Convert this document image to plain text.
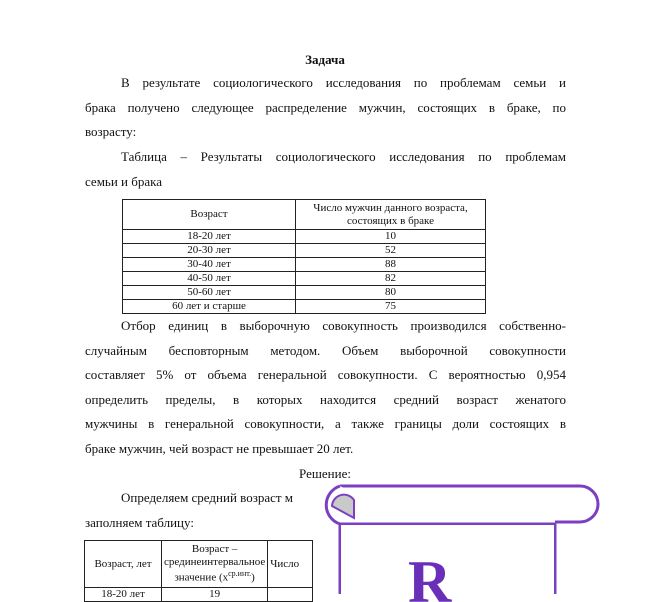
Задача
В результате социологического исследования по проблемам семьи и
брака получено следующее распределение мужчин, состоящих в браке, по
возрасту:
Таблица – Результаты социологического исследования по проблемам
семьи и брака
Возраст	Число мужчин данного возраста, состоящих в браке
18-20 лет	10
20-30 лет	52
30-40 лет	88
40-50 лет	82
50-60 лет	80
60 лет и старше	75
Отбор единиц в выборочную совокупность производился собственно-
случайным бесповторным методом. Объем выборочной совокупности
составляет 5% от объема генеральной совокупности. С вероятностью 0,954
определить пределы, в которых находится средний возраст женатого
мужчины в генеральной совокупности, а также границы доли состоящих в
браке мужчин, чей возраст не превышает 20 лет.
Решение:
Определяем средний возраст м
заполняем таблицу:
Возраст, лет	Возраст – срединеинтервальное значение $(x^{ср.инт.})$	Число
18-20 лет	19		R
